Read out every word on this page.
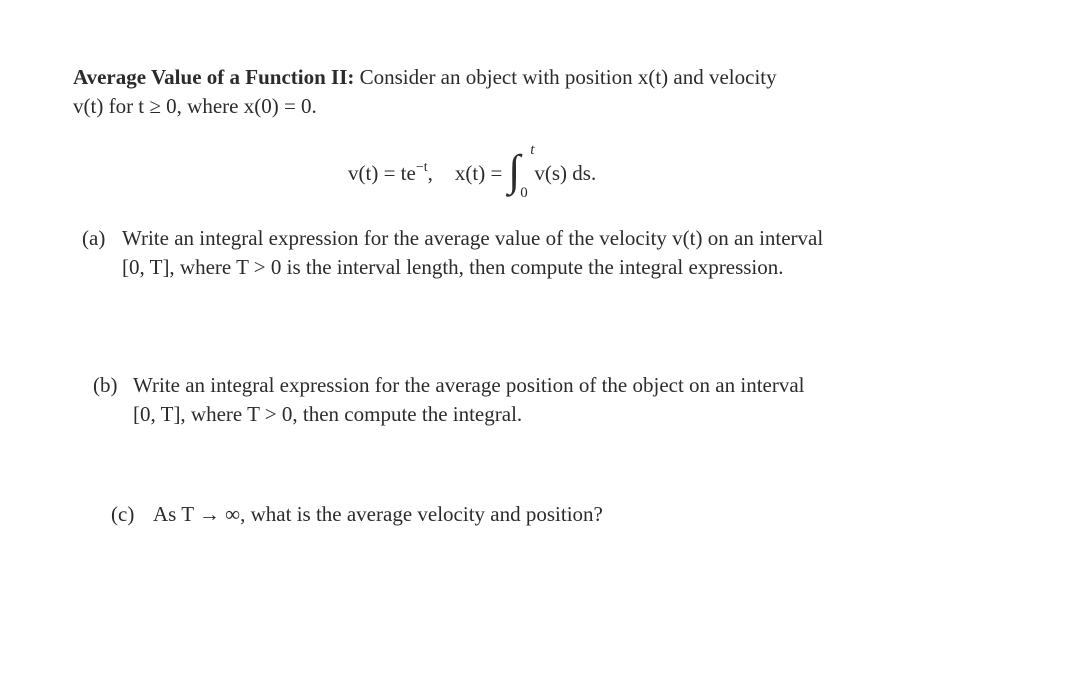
Average Value of a Function II: Consider an object with position x(t) and velocity
v(t) for t ≥ 0, where x(0) = 0.
$v(t) = te^{-t}$ , x(t) = ∫ t
0
v(s) ds.
(a) Write an integral expression for the average value of the velocity v(t) on an interval
[0, T], where T > 0 is the interval length, then compute the integral expression.
(b) Write an integral expression for the average position of the object on an interval
[0, T], where T > 0, then compute the integral.
(c) As T → ∞, what is the average velocity and position?
